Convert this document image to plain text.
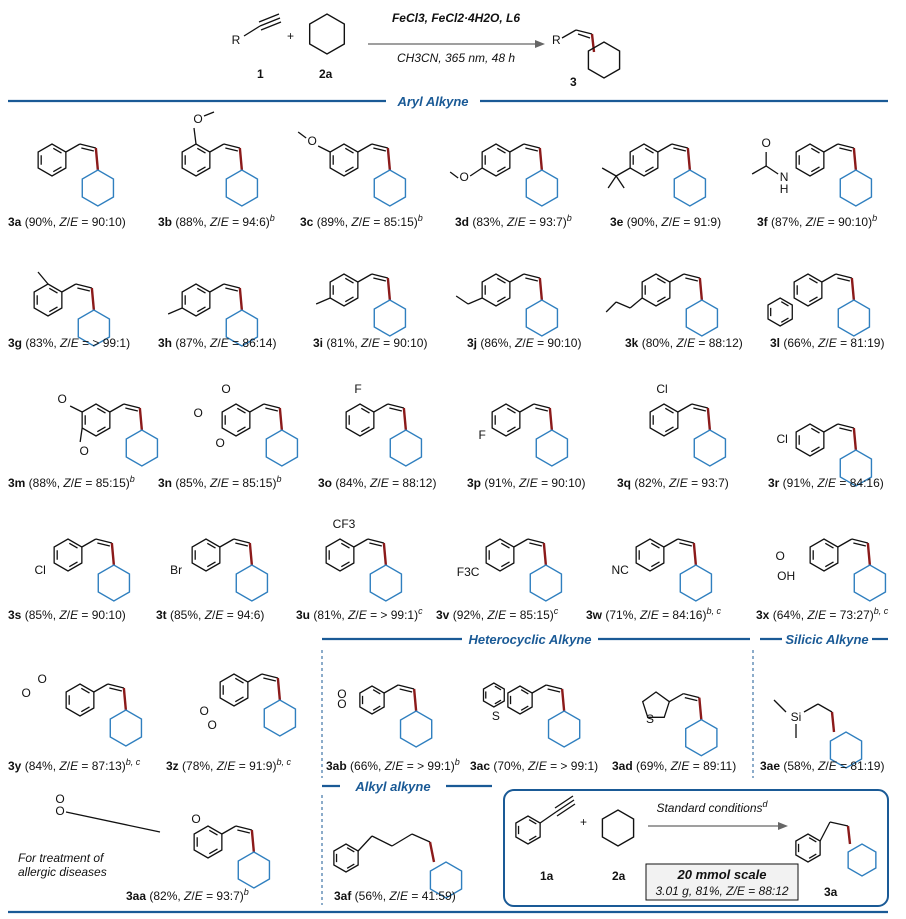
R
1
+
2a
FeCl3, FeCl2·4H2O, L6
CH3CN, 365 nm, 48 h
R
3
Aryl Alkyne
Heterocyclic Alkyne	Silicic Alkyne
Alkyl alkyne
3a (90%, Z/E = 90:10)
O
3b (88%, Z/E = 94:6)$^b$
O
3c (89%, Z/E = 85:15)$^b$
O
3d (83%, Z/E = 93:7)$^b$	3e (90%, Z/E = 91:9)
N
H
O
3f (87%, Z/E = 90:10)$^b$
3g (83%, Z/E = > 99:1) 3h (87%, Z/E = 86:14)	3i (81%, Z/E = 90:10)	3j (86%, Z/E = 90:10)	3k (80%, Z/E = 88:12) 3l (66%, Z/E = 81:19)
O
O
3m (88%, Z/E = 85:15)$^b$
O
O
O
3n (85%, Z/E = 85:15)$^b$
F
3o (84%, Z/E = 88:12)
F
3p (91%, Z/E = 90:10)
Cl
3q (82%, Z/E = 93:7)
Cl
3r (91%, Z/E = 84:16)
Cl
3s (85%, Z/E = 90:10)
Br
3t (85%, Z/E = 94:6)
CF3
3u (81%, Z/E = > 99:1)$^c$
F3C
3v (92%, Z/E = 85:15)$^c$
NC
3w (71%, Z/E = 84:16)$^{b, c}$
O
OH
3x (64%, Z/E = 73:27)$^{b, c}$
O
O
3y (84%, Z/E = 87:13)$^{b, c}$
O
O
3z (78%, Z/E = 91:9)$^{b, c}$
O
O
3ab (66%, Z/E = > 99:1)$^b$
S
3ac (70%, Z/E = > 99:1)
S
3ad (69%, Z/E = 89:11)
Si
3ae (58%, Z/E = 81:19)
O
O
O
3aa (82%, Z/E = 93:7)$^b$
For treatment of
allergic diseases
3af (56%, Z/E = 41:59)
1a
+
2a
Standard conditions$^d$
3a
20 mmol scale
3.01 g, 81%, Z/E = 88:12
